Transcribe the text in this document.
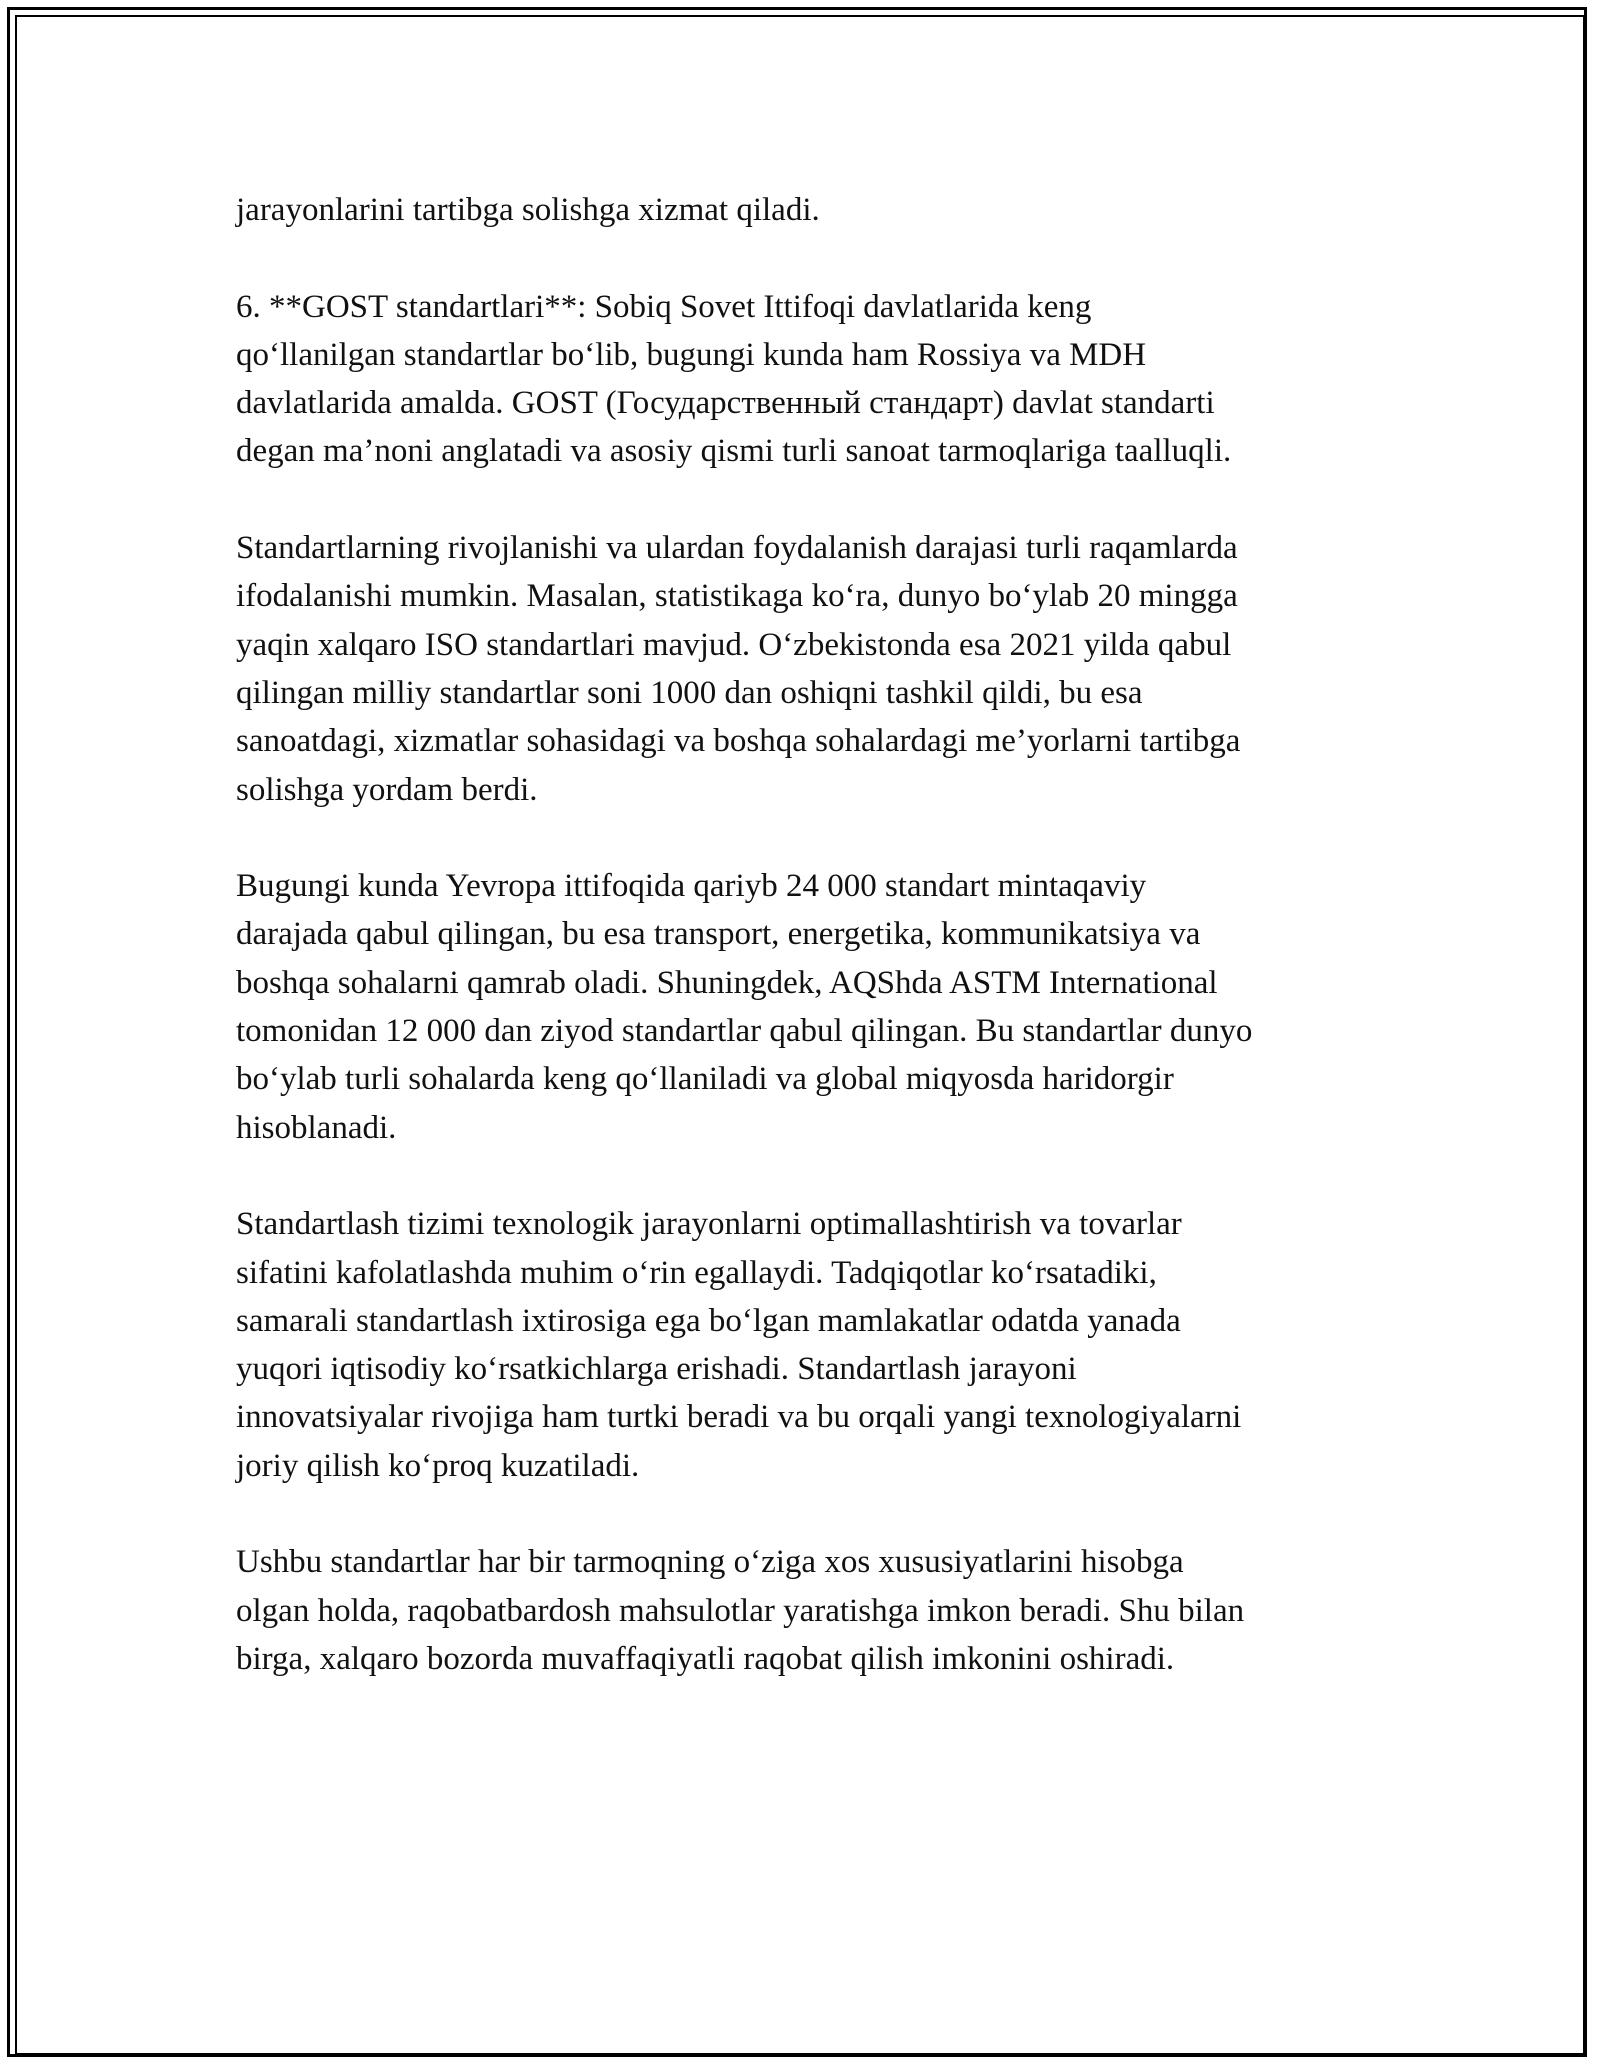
jarayonlarini tartibga solishga xizmat qiladi.

6. **GOST standartlari**: Sobiq Sovet Ittifoqi davlatlarida keng
qo‘llanilgan standartlar bo‘lib, bugungi kunda ham Rossiya va MDH
davlatlarida amalda. GOST (Государственный стандарт) davlat standarti
degan ma’noni anglatadi va asosiy qismi turli sanoat tarmoqlariga taalluqli.

Standartlarning rivojlanishi va ulardan foydalanish darajasi turli raqamlarda
ifodalanishi mumkin. Masalan, statistikaga ko‘ra, dunyo bo‘ylab 20 mingga
yaqin xalqaro ISO standartlari mavjud. O‘zbekistonda esa 2021 yilda qabul
qilingan milliy standartlar soni 1000 dan oshiqni tashkil qildi, bu esa
sanoatdagi, xizmatlar sohasidagi va boshqa sohalardagi me’yorlarni tartibga
solishga yordam berdi.

Bugungi kunda Yevropa ittifoqida qariyb 24 000 standart mintaqaviy
darajada qabul qilingan, bu esa transport, energetika, kommunikatsiya va
boshqa sohalarni qamrab oladi. Shuningdek, AQShda ASTM International
tomonidan 12 000 dan ziyod standartlar qabul qilingan. Bu standartlar dunyo
bo‘ylab turli sohalarda keng qo‘llaniladi va global miqyosda haridorgir
hisoblanadi.

Standartlash tizimi texnologik jarayonlarni optimallashtirish va tovarlar
sifatini kafolatlashda muhim o‘rin egallaydi. Tadqiqotlar ko‘rsatadiki,
samarali standartlash ixtirosiga ega bo‘lgan mamlakatlar odatda yanada
yuqori iqtisodiy ko‘rsatkichlarga erishadi. Standartlash jarayoni
innovatsiyalar rivojiga ham turtki beradi va bu orqali yangi texnologiyalarni
joriy qilish ko‘proq kuzatiladi.

Ushbu standartlar har bir tarmoqning o‘ziga xos xususiyatlarini hisobga
olgan holda, raqobatbardosh mahsulotlar yaratishga imkon beradi. Shu bilan
birga, xalqaro bozorda muvaffaqiyatli raqobat qilish imkonini oshiradi.
